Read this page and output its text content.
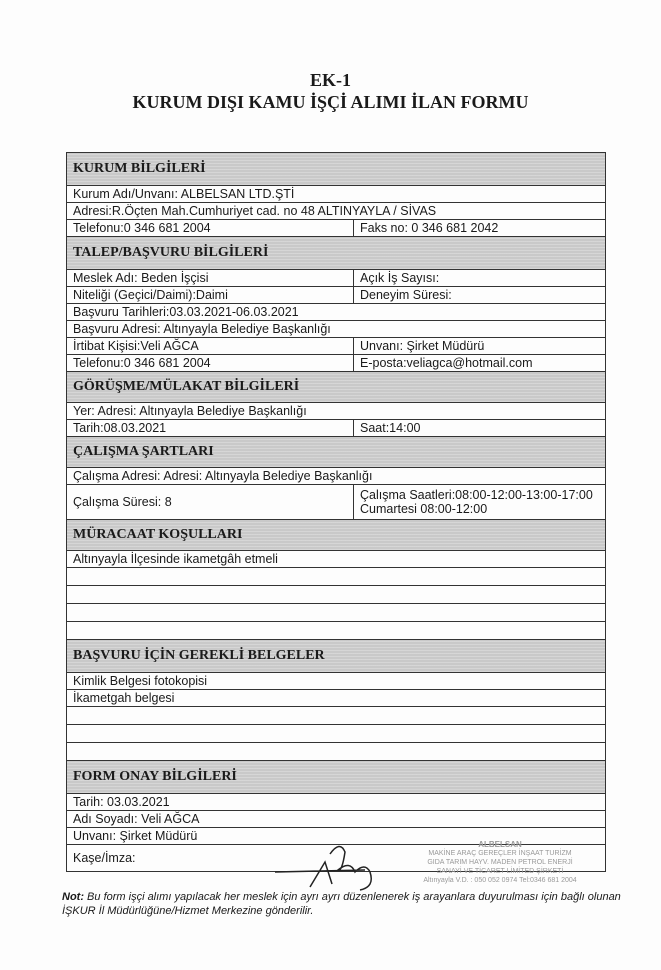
EK-1
KURUM DIŞI KAMU İŞÇİ ALIMI İLAN FORMU
KURUM BİLGİLERİ
Kurum Adı/Unvanı: ALBELSAN LTD.ŞTİ
Adresi:R.Öçten Mah.Cumhuriyet cad. no 48 ALTINYAYLA / SİVAS
Telefonu:0 346 681 2004	Faks no: 0 346 681 2042
TALEP/BAŞVURU BİLGİLERİ
Meslek Adı: Beden İşçisi	Açık İş Sayısı:
Niteliği (Geçici/Daimi):Daimi	Deneyim Süresi:
Başvuru Tarihleri:03.03.2021-06.03.2021
Başvuru Adresi: Altınyayla Belediye Başkanlığı
İrtibat Kişisi:Veli AĞCA	Unvanı: Şirket Müdürü
Telefonu:0 346 681 2004	E-posta:veliagca@hotmail.com
GÖRÜŞME/MÜLAKAT BİLGİLERİ
Yer: Adresi: Altınyayla Belediye Başkanlığı
Tarih:08.03.2021	Saat:14:00
ÇALIŞMA ŞARTLARI
Çalışma Adresi: Adresi: Altınyayla Belediye Başkanlığı
Çalışma Süresi: 8	Çalışma Saatleri:08:00-12:00-13:00-17:00 Cumartesi 08:00-12:00
MÜRACAAT KOŞULLARI
Altınyayla İlçesinde ikametgâh etmeli
BAŞVURU İÇİN GEREKLİ BELGELER
Kimlik Belgesi fotokopisi
İkametgah belgesi
FORM ONAY BİLGİLERİ
Tarih: 03.03.2021
Adı Soyadı: Veli AĞCA
Unvanı: Şirket Müdürü
Kaşe/İmza:
ALBELSAN
MAKİNE ARAÇ GEREÇLER İNŞAAT TURİZM
GIDA TARIM HAYV. MADEN PETROL ENERJİ
SANAYİ VE TİCARET LİMİTED ŞİRKETİ
Altınyayla V.D. : 050 052 0974 Tel:0346 681 2004
Not: Bu form işçi alımı yapılacak her meslek için ayrı ayrı düzenlenerek iş arayanlara duyurulması için bağlı olunan İŞKUR İl Müdürlüğüne/Hizmet Merkezine gönderilir.
